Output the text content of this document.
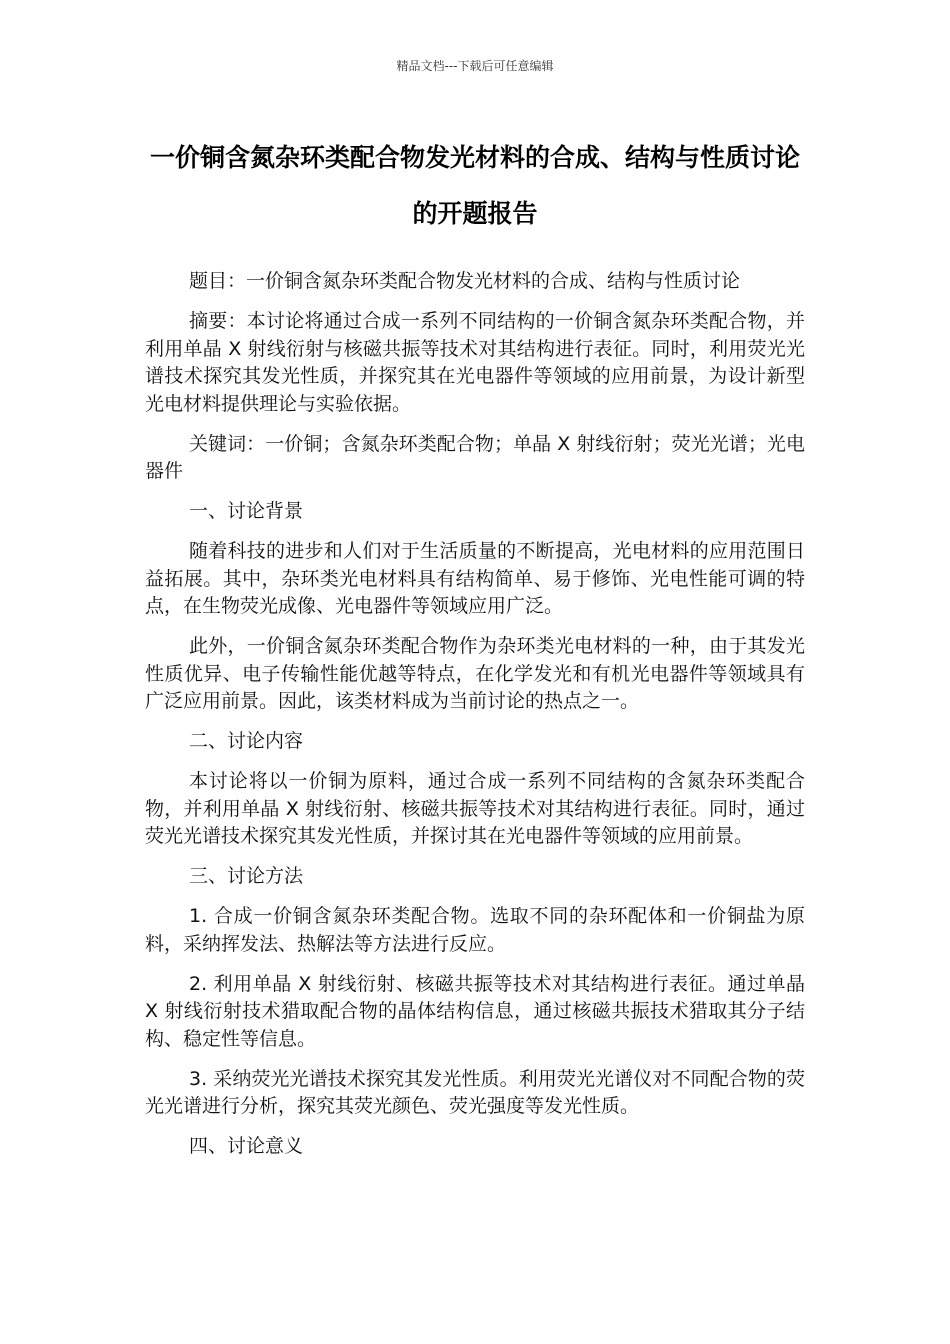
精品文档---下载后可任意编辑
一价铜含氮杂环类配合物发光材料的合成、结构与性质讨论的开题报告

题目：一价铜含氮杂环类配合物发光材料的合成、结构与性质讨论

摘要：本讨论将通过合成一系列不同结构的一价铜含氮杂环类配合物，并利用单晶 X 射线衍射与核磁共振等技术对其结构进行表征。同时，利用荧光光谱技术探究其发光性质，并探究其在光电器件等领域的应用前景，为设计新型光电材料提供理论与实验依据。

关键词：一价铜；含氮杂环类配合物；单晶 X 射线衍射；荧光光谱；光电器件

一、讨论背景

随着科技的进步和人们对于生活质量的不断提高，光电材料的应用范围日益拓展。其中，杂环类光电材料具有结构简单、易于修饰、光电性能可调的特点，在生物荧光成像、光电器件等领域应用广泛。

此外，一价铜含氮杂环类配合物作为杂环类光电材料的一种，由于其发光性质优异、电子传输性能优越等特点，在化学发光和有机光电器件等领域具有广泛应用前景。因此，该类材料成为当前讨论的热点之一。

二、讨论内容

本讨论将以一价铜为原料，通过合成一系列不同结构的含氮杂环类配合物，并利用单晶 X 射线衍射、核磁共振等技术对其结构进行表征。同时，通过荧光光谱技术探究其发光性质，并探讨其在光电器件等领域的应用前景。

三、讨论方法

1. 合成一价铜含氮杂环类配合物。选取不同的杂环配体和一价铜盐为原料，采纳挥发法、热解法等方法进行反应。

2. 利用单晶 X 射线衍射、核磁共振等技术对其结构进行表征。通过单晶 X 射线衍射技术猎取配合物的晶体结构信息，通过核磁共振技术猎取其分子结构、稳定性等信息。

3. 采纳荧光光谱技术探究其发光性质。利用荧光光谱仪对不同配合物的荧光光谱进行分析，探究其荧光颜色、荧光强度等发光性质。

四、讨论意义
